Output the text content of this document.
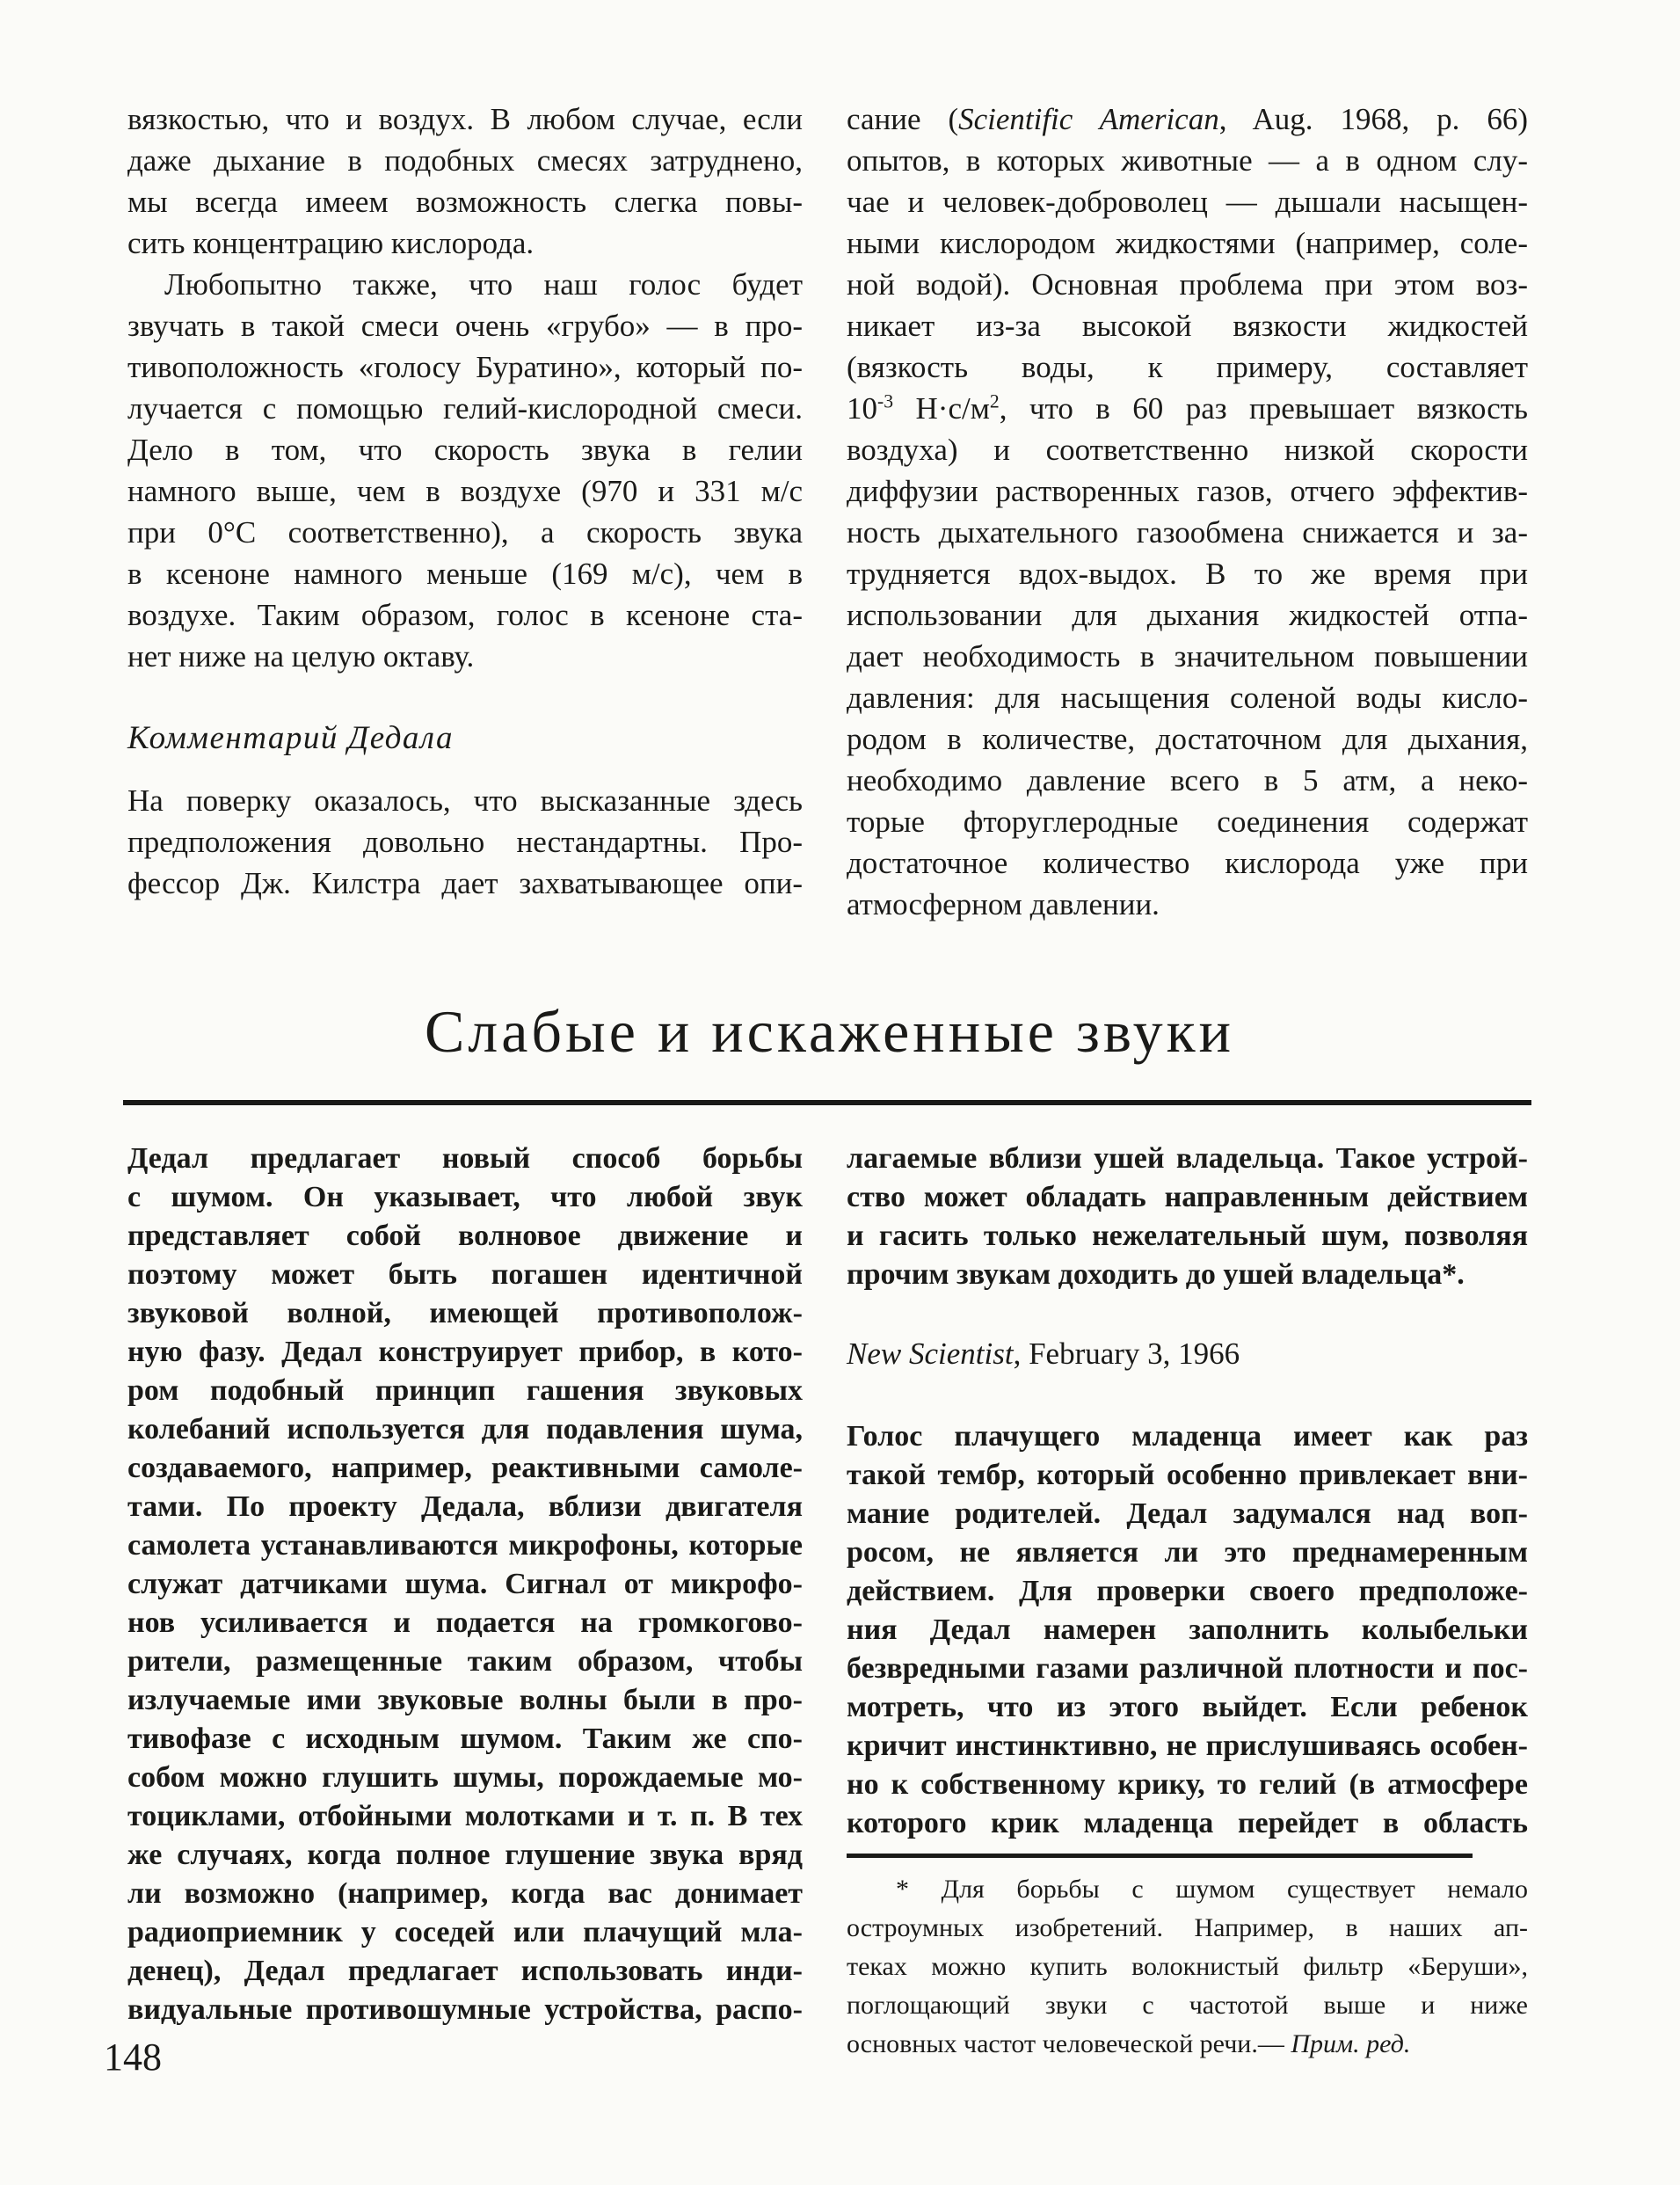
вязкостью, что и воздух. В любом случае, если
даже дыхание в подобных смесях затруднено,
мы всегда имеем возможность слегка повы-
сить концентрацию кислорода.
Любопытно также, что наш голос будет
звучать в такой смеси очень «грубо» — в про-
тивоположность «голосу Буратино», который по-
лучается с помощью гелий-кислородной смеси.
Дело в том, что скорость звука в гелии
намного выше, чем в воздухе (970 и 331 м/с
при 0°С соответственно), а скорость звука
в ксеноне намного меньше (169 м/с), чем в
воздухе. Таким образом, голос в ксеноне ста-
нет ниже на целую октаву.
Комментарий Дедала
На поверку оказалось, что высказанные здесь
предположения довольно нестандартны. Про-
фессор Дж. Килстра дает захватывающее опи-
сание (Scientific American, Aug. 1968, p. 66)
опытов, в которых животные — а в одном слу-
чае и человек-доброволец — дышали насыщен-
ными кислородом жидкостями (например, соле-
ной водой). Основная проблема при этом воз-
никает из-за высокой вязкости жидкостей
(вязкость воды, к примеру, составляет
$10^{-3}$ $Н\cdot с/м^2$, что в 60 раз превышает вязкость
воздуха) и соответственно низкой скорости
диффузии растворенных газов, отчего эффектив-
ность дыхательного газообмена снижается и за-
трудняется вдох-выдох. В то же время при
использовании для дыхания жидкостей отпа-
дает необходимость в значительном повышении
давления: для насыщения соленой воды кисло-
родом в количестве, достаточном для дыхания,
необходимо давление всего в 5 атм, а неко-
торые фторуглеродные соединения содержат
достаточное количество кислорода уже при
атмосферном давлении.
Слабые и искаженные звуки
Дедал предлагает новый способ борьбы
с шумом. Он указывает, что любой звук
представляет собой волновое движение и
поэтому может быть погашен идентичной
звуковой волной, имеющей противополож-
ную фазу. Дедал конструирует прибор, в кото-
ром подобный принцип гашения звуковых
колебаний используется для подавления шума,
создаваемого, например, реактивными самоле-
тами. По проекту Дедала, вблизи двигателя
самолета устанавливаются микрофоны, которые
служат датчиками шума. Сигнал от микрофо-
нов усиливается и подается на громкогово-
рители, размещенные таким образом, чтобы
излучаемые ими звуковые волны были в про-
тивофазе с исходным шумом. Таким же спо-
собом можно глушить шумы, порождаемые мо-
тоциклами, отбойными молотками и т. п. В тех
же случаях, когда полное глушение звука вряд
ли возможно (например, когда вас донимает
радиоприемник у соседей или плачущий мла-
денец), Дедал предлагает использовать инди-
видуальные противошумные устройства, распо-
лагаемые вблизи ушей владельца. Такое устрой-
ство может обладать направленным действием
и гасить только нежелательный шум, позволяя
прочим звукам доходить до ушей владельца*.
New Scientist, February 3, 1966
Голос плачущего младенца имеет как раз
такой тембр, который особенно привлекает вни-
мание родителей. Дедал задумался над воп-
росом, не является ли это преднамеренным
действием. Для проверки своего предположе-
ния Дедал намерен заполнить колыбельки
безвредными газами различной плотности и пос-
мотреть, что из этого выйдет. Если ребенок
кричит инстинктивно, не прислушиваясь особен-
но к собственному крику, то гелий (в атмосфере
которого крик младенца перейдет в область
* Для борьбы с шумом существует немало
остроумных изобретений. Например, в наших ап-
теках можно купить волокнистый фильтр «Беруши»,
поглощающий звуки с частотой выше и ниже
основных частот человеческой речи.— Прим. ред.
148
